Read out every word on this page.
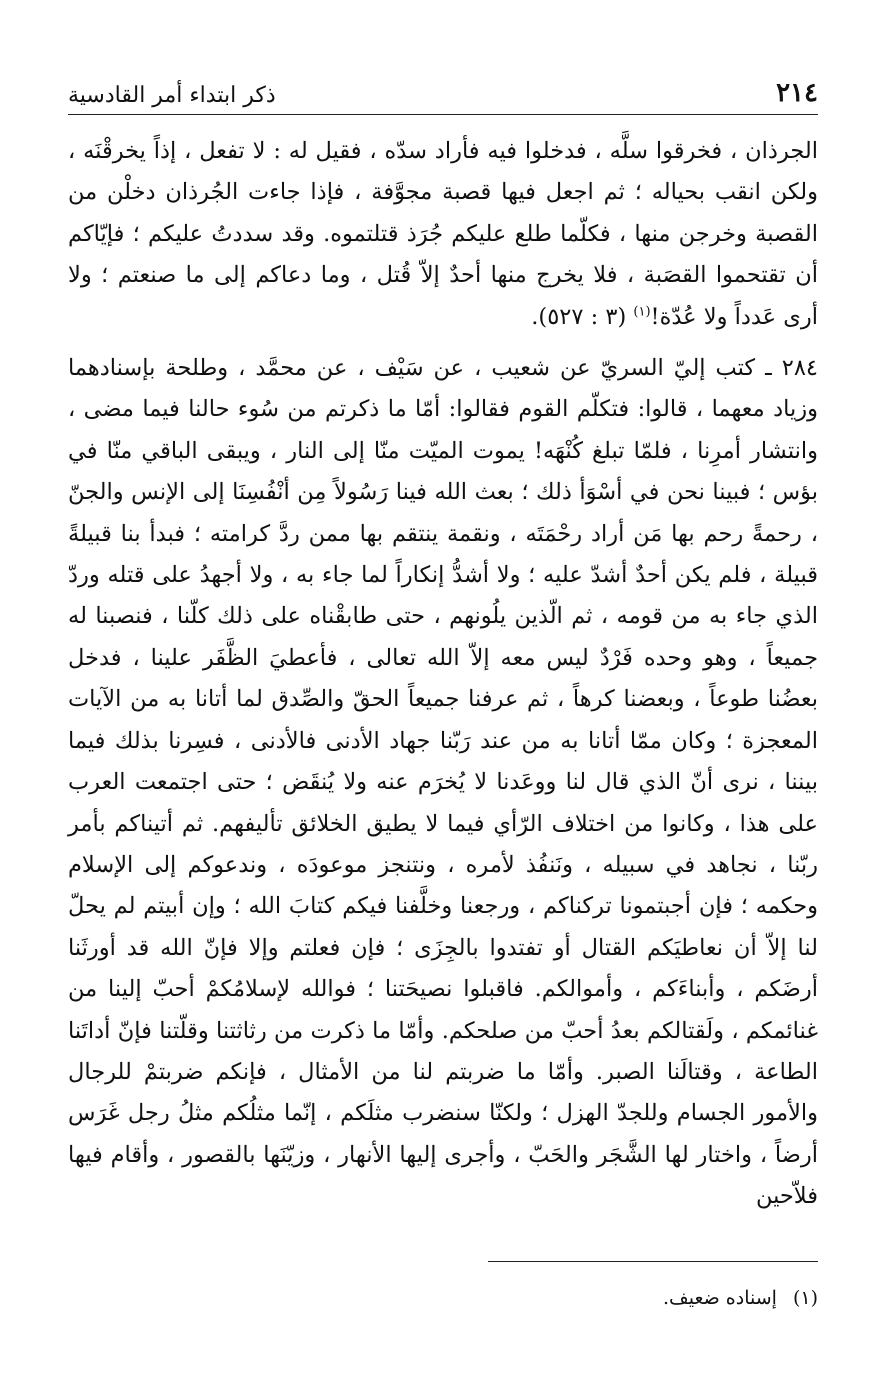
٢١٤
ذكر ابتداء أمر القادسية

الجرذان ، فخرقوا سلَّه ، فدخلوا فيه فأراد سدّه ، فقيل له : لا تفعل ، إذاً يخرقْنَه ، ولكن انقب بحياله ؛ ثم اجعل فيها قصبة مجوَّفة ، فإذا جاءت الجُرذان دخلْن من القصبة وخرجن منها ، فكلّما طلع عليكم جُرَذ قتلتموه. وقد سددتُ عليكم ؛ فإيّاكم أن تقتحموا القصَبة ، فلا يخرج منها أحدٌ إلاّ قُتل ، وما دعاكم إلى ما صنعتم ؛ ولا أرى عَدداً ولا عُدّة!$^{(١)}$ (٣ : ٥٢٧).

٢٨٤ ـ كتب إليّ السريّ عن شعيب ، عن سَيْف ، عن محمَّد ، وطلحة بإسنادهما وزياد معهما ، قالوا: فتكلّم القوم فقالوا: أمّا ما ذكرتم من سُوء حالنا فيما مضى ، وانتشار أمرِنا ، فلمّا تبلغ كُنْهَه! يموت الميّت منّا إلى النار ، ويبقى الباقي منّا في بؤس ؛ فبينا نحن في أسْوَأ ذلك ؛ بعث الله فينا رَسُولاً مِن أنْفُسِنَا إلى الإنس والجنّ ، رحمةً رحم بها مَن أراد رحْمَتَه ، ونقمة ينتقم بها ممن ردَّ كرامته ؛ فبدأ بنا قبيلةً قبيلة ، فلم يكن أحدٌ أشدّ عليه ؛ ولا أشدُّ إنكاراً لما جاء به ، ولا أجهدُ على قتله وردّ الذي جاء به من قومه ، ثم الّذين يلُونهم ، حتى طابقْناه على ذلك كلّنا ، فنصبنا له جميعاً ، وهو وحده فَرْدٌ ليس معه إلاّ الله تعالى ، فأعطيَ الظَّفَر علينا ، فدخل بعضُنا طوعاً ، وبعضنا كرهاً ، ثم عرفنا جميعاً الحقّ والصِّدق لما أتانا به من الآيات المعجزة ؛ وكان ممّا أتانا به من عند رَبّنا جهاد الأدنى فالأدنى ، فسِرنا بذلك فيما بيننا ، نرى أنّ الذي قال لنا ووعَدنا لا يُخرَم عنه ولا يُنقَض ؛ حتى اجتمعت العرب على هذا ، وكانوا من اختلاف الرّأي فيما لا يطيق الخلائق تأليفهم. ثم أتيناكم بأمر ربّنا ، نجاهد في سبيله ، ونَنفُذ لأمره ، ونتنجز موعودَه ، وندعوكم إلى الإسلام وحكمه ؛ فإن أجبتمونا تركناكم ، ورجعنا وخلَّفنا فيكم كتابَ الله ؛ وإن أبيتم لم يحلّ لنا إلاّ أن نعاطيَكم القتال أو تفتدوا بالجِزَى ؛ فإن فعلتم وإلا فإنّ الله قد أورثَنا أرضَكم ، وأبناءَكم ، وأموالكم. فاقبلوا نصيحَتنا ؛ فوالله لإسلامُكمْ أحبّ إلينا من غنائمكم ، ولَقتالكم بعدُ أحبّ من صلحكم. وأمّا ما ذكرت من رثاثتنا وقلّتنا فإنّ أداتَنا الطاعة ، وقتالَنا الصبر. وأمّا ما ضربتم لنا من الأمثال ، فإنكم ضربتمْ للرجال والأمور الجسام وللجدّ الهزل ؛ ولكنّا سنضرب مثلَكم ، إنّما مثلُكم مثلُ رجل غَرَس أرضاً ، واختار لها الشَّجَر والحَبّ ، وأجرى إليها الأنهار ، وزيّنَها بالقصور ، وأقام فيها فلاّحين

(١)
إسناده ضعيف.
